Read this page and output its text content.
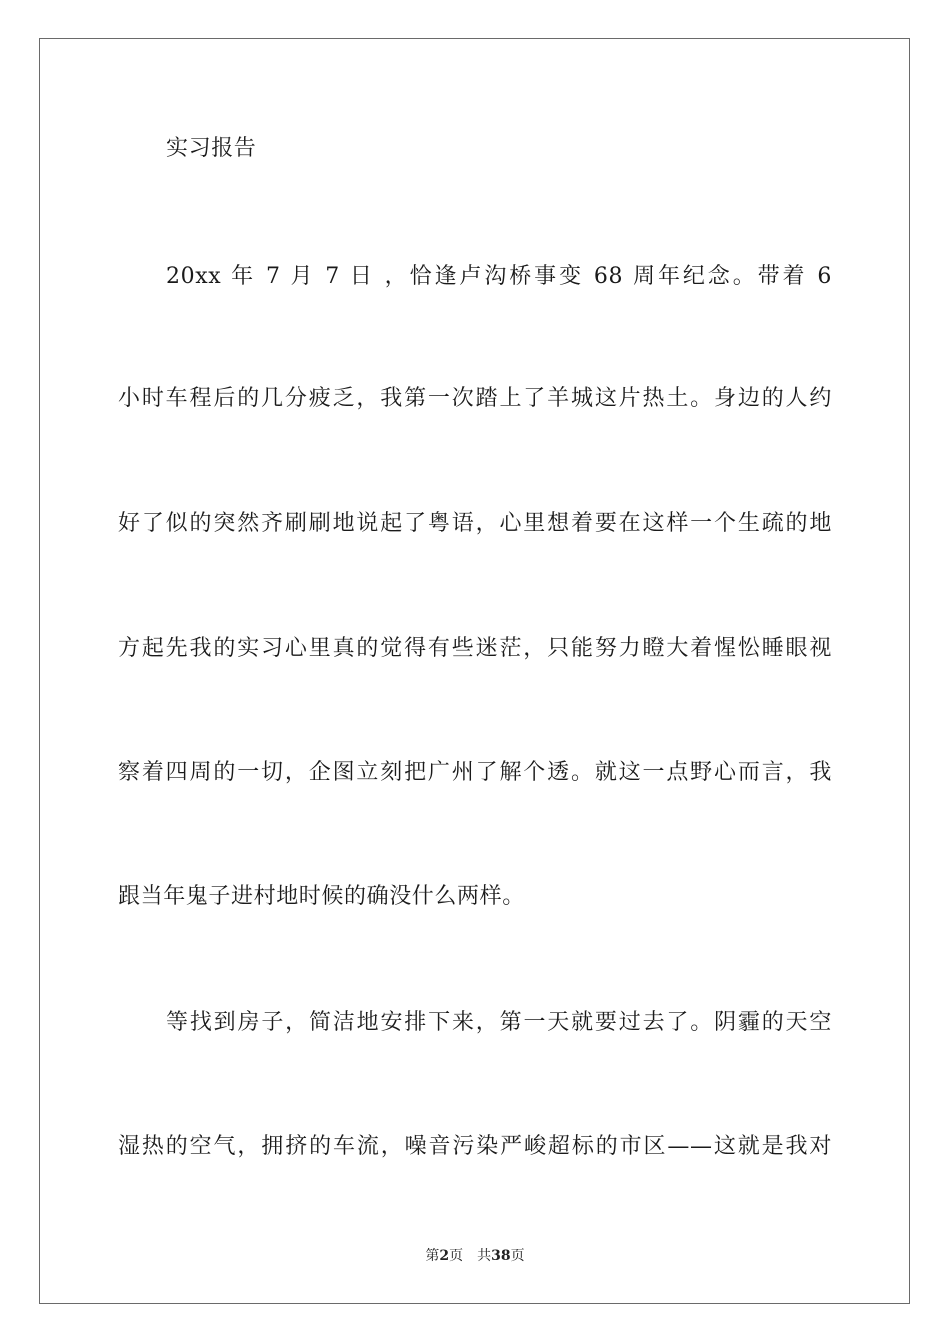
实习报告
20xx 年 7 月 7 日 ，恰逢卢沟桥事变 68 周年纪念。带着 6
小时车程后的几分疲乏，我第一次踏上了羊城这片热土。身边的人约
好了似的突然齐刷刷地说起了粤语，心里想着要在这样一个生疏的地
方起先我的实习心里真的觉得有些迷茫，只能努力瞪大着惺忪睡眼视
察着四周的一切，企图立刻把广州了解个透。就这一点野心而言，我
跟当年鬼子进村地时候的确没什么两样。
等找到房子，简洁地安排下来，第一天就要过去了。阴霾的天空
湿热的空气，拥挤的车流，噪音污染严峻超标的市区——这就是我对
第2页 共38页
